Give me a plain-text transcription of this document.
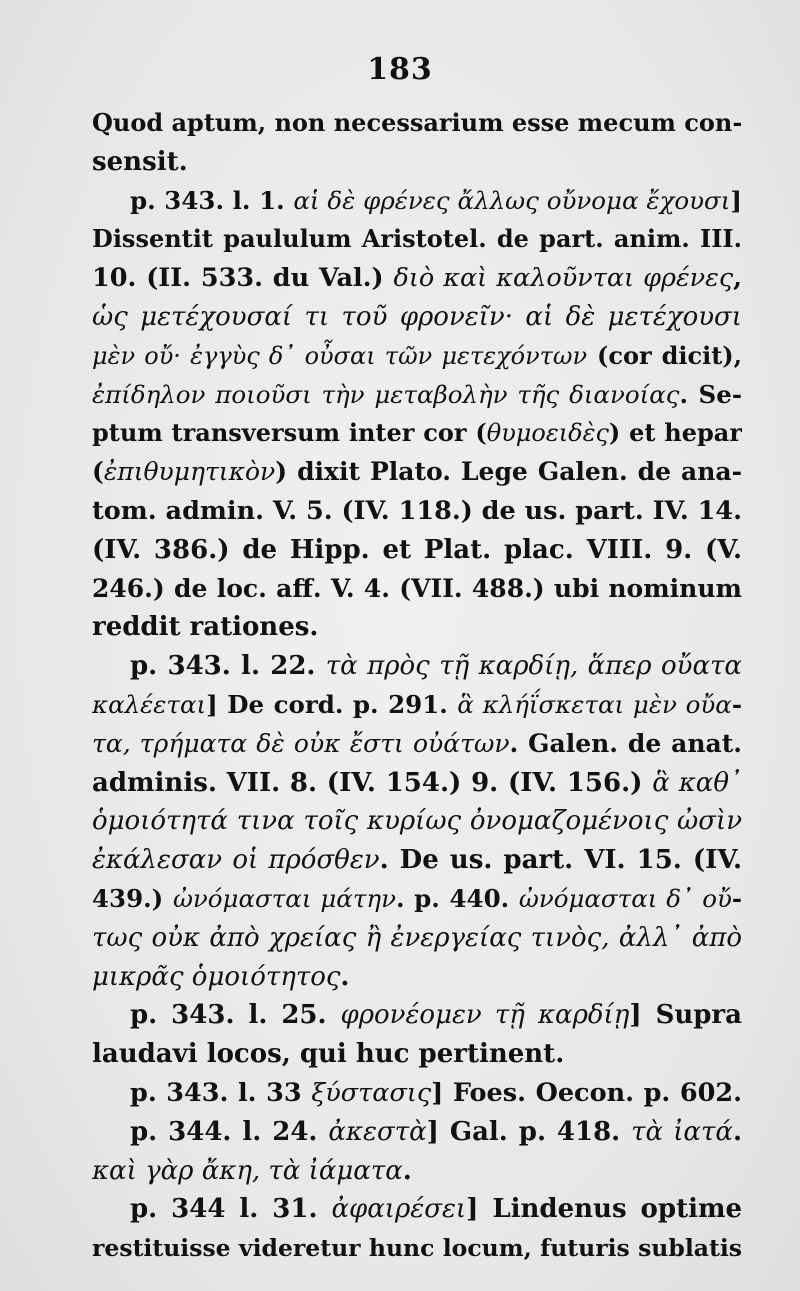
183
Quod aptum, non necessarium esse mecum con-
sensit.
p. 343. l. 1. αἱ δὲ φρένες ἄλλως οὔνομα ἔχουσι]
Dissentit paululum Aristotel. de part. anim. III.
10. (II. 533. du Val.) διὸ καὶ καλοῦνται φρένες,
ὡς μετέχουσαί τι τοῦ φρονεῖν· αἱ δὲ μετέχουσι
μὲν οὔ· ἐγγὺς δ᾽ οὖσαι τῶν μετεχόντων (cor dicit),
ἐπίδηλον ποιοῦσι τὴν μεταβολὴν τῆς διανοίας. Se-
ptum transversum inter cor (θυμοειδὲς) et hepar
(ἐπιθυμητικὸν) dixit Plato. Lege Galen. de ana-
tom. admin. V. 5. (IV. 118.) de us. part. IV. 14.
(IV. 386.) de Hipp. et Plat. plac. VIII. 9. (V.
246.) de loc. aff. V. 4. (VII. 488.) ubi nominum
reddit rationes.
p. 343. l. 22. τὰ πρὸς τῇ καρδίῃ, ἅπερ οὔατα
καλέεται] De cord. p. 291. ἃ κλήΐσκεται μὲν οὔα-
τα, τρήματα δὲ οὐκ ἔστι οὐάτων. Galen. de anat.
adminis. VII. 8. (IV. 154.) 9. (IV. 156.) ἃ καθ᾽
ὁμοιότητά τινα τοῖς κυρίως ὀνομαζομένοις ὠσὶν
ἐκάλεσαν οἱ πρόσθεν. De us. part. VI. 15. (IV.
439.) ὠνόμασται μάτην. p. 440. ὠνόμασται δ᾽ οὔ-
τως οὐκ ἀπὸ χρείας ἢ ἐνεργείας τινὸς, ἀλλ᾽ ἀπὸ
μικρᾶς ὁμοιότητος.
p. 343. l. 25. φρονέομεν τῇ καρδίῃ] Supra
laudavi locos, qui huc pertinent.
p. 343. l. 33 ξύστασις] Foes. Oecon. p. 602.
p. 344. l. 24. ἀκεστὰ] Gal. p. 418. τὰ ἰατά.
καὶ γὰρ ἄκη, τὰ ἰάματα.
p. 344 l. 31. ἀφαιρέσει] Lindenus optime
restituisse videretur hunc locum, futuris sublatis
